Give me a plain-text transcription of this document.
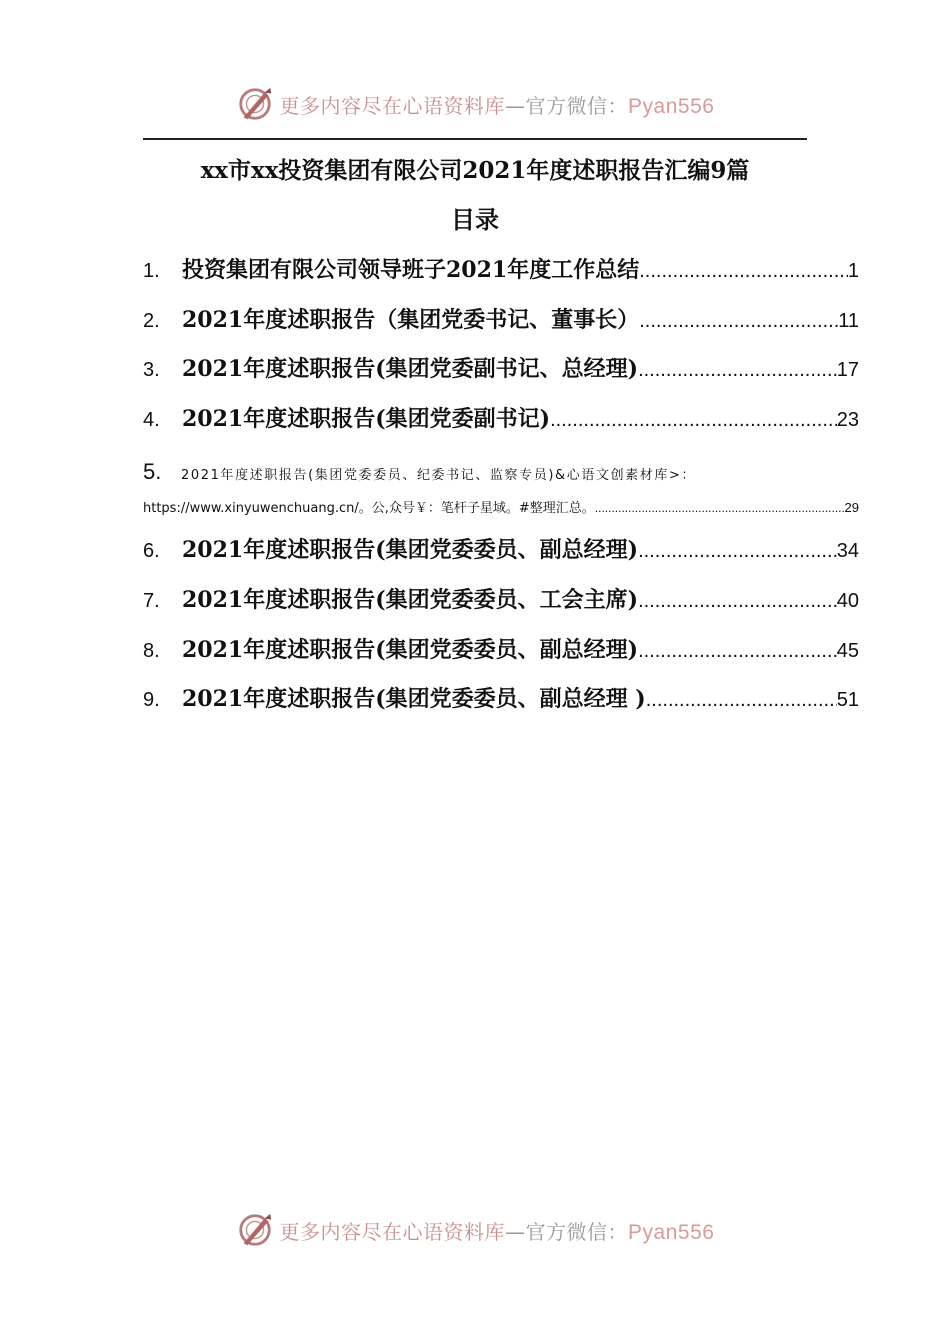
更多内容尽在心语资料库—官方微信：Pyan556
xx市xx投资集团有限公司2021年度述职报告汇编9篇
目录
1.	投资集团有限公司领导班子2021年度工作总结 .....	1
2.	2021年度述职报告（集团党委书记、董事长） .....	11
3.	2021年度述职报告(集团党委副书记、总经理) .....	17
4.	2021年度述职报告(集团党委副书记) .....	23
5.	2021年度述职报告(集团党委委员、纪委书记、监察专员)&心语文创素材库>：
https://www.xinyuwenchuang.cn/。公,众号￥：笔杆子星域。#整理汇总。 .....	29
6.	2021年度述职报告(集团党委委员、副总经理) .....	34
7.	2021年度述职报告(集团党委委员、工会主席) .....	40
8.	2021年度述职报告(集团党委委员、副总经理) .....	45
9.	2021年度述职报告(集团党委委员、副总经理 ) .....	51
更多内容尽在心语资料库—官方微信：Pyan556
